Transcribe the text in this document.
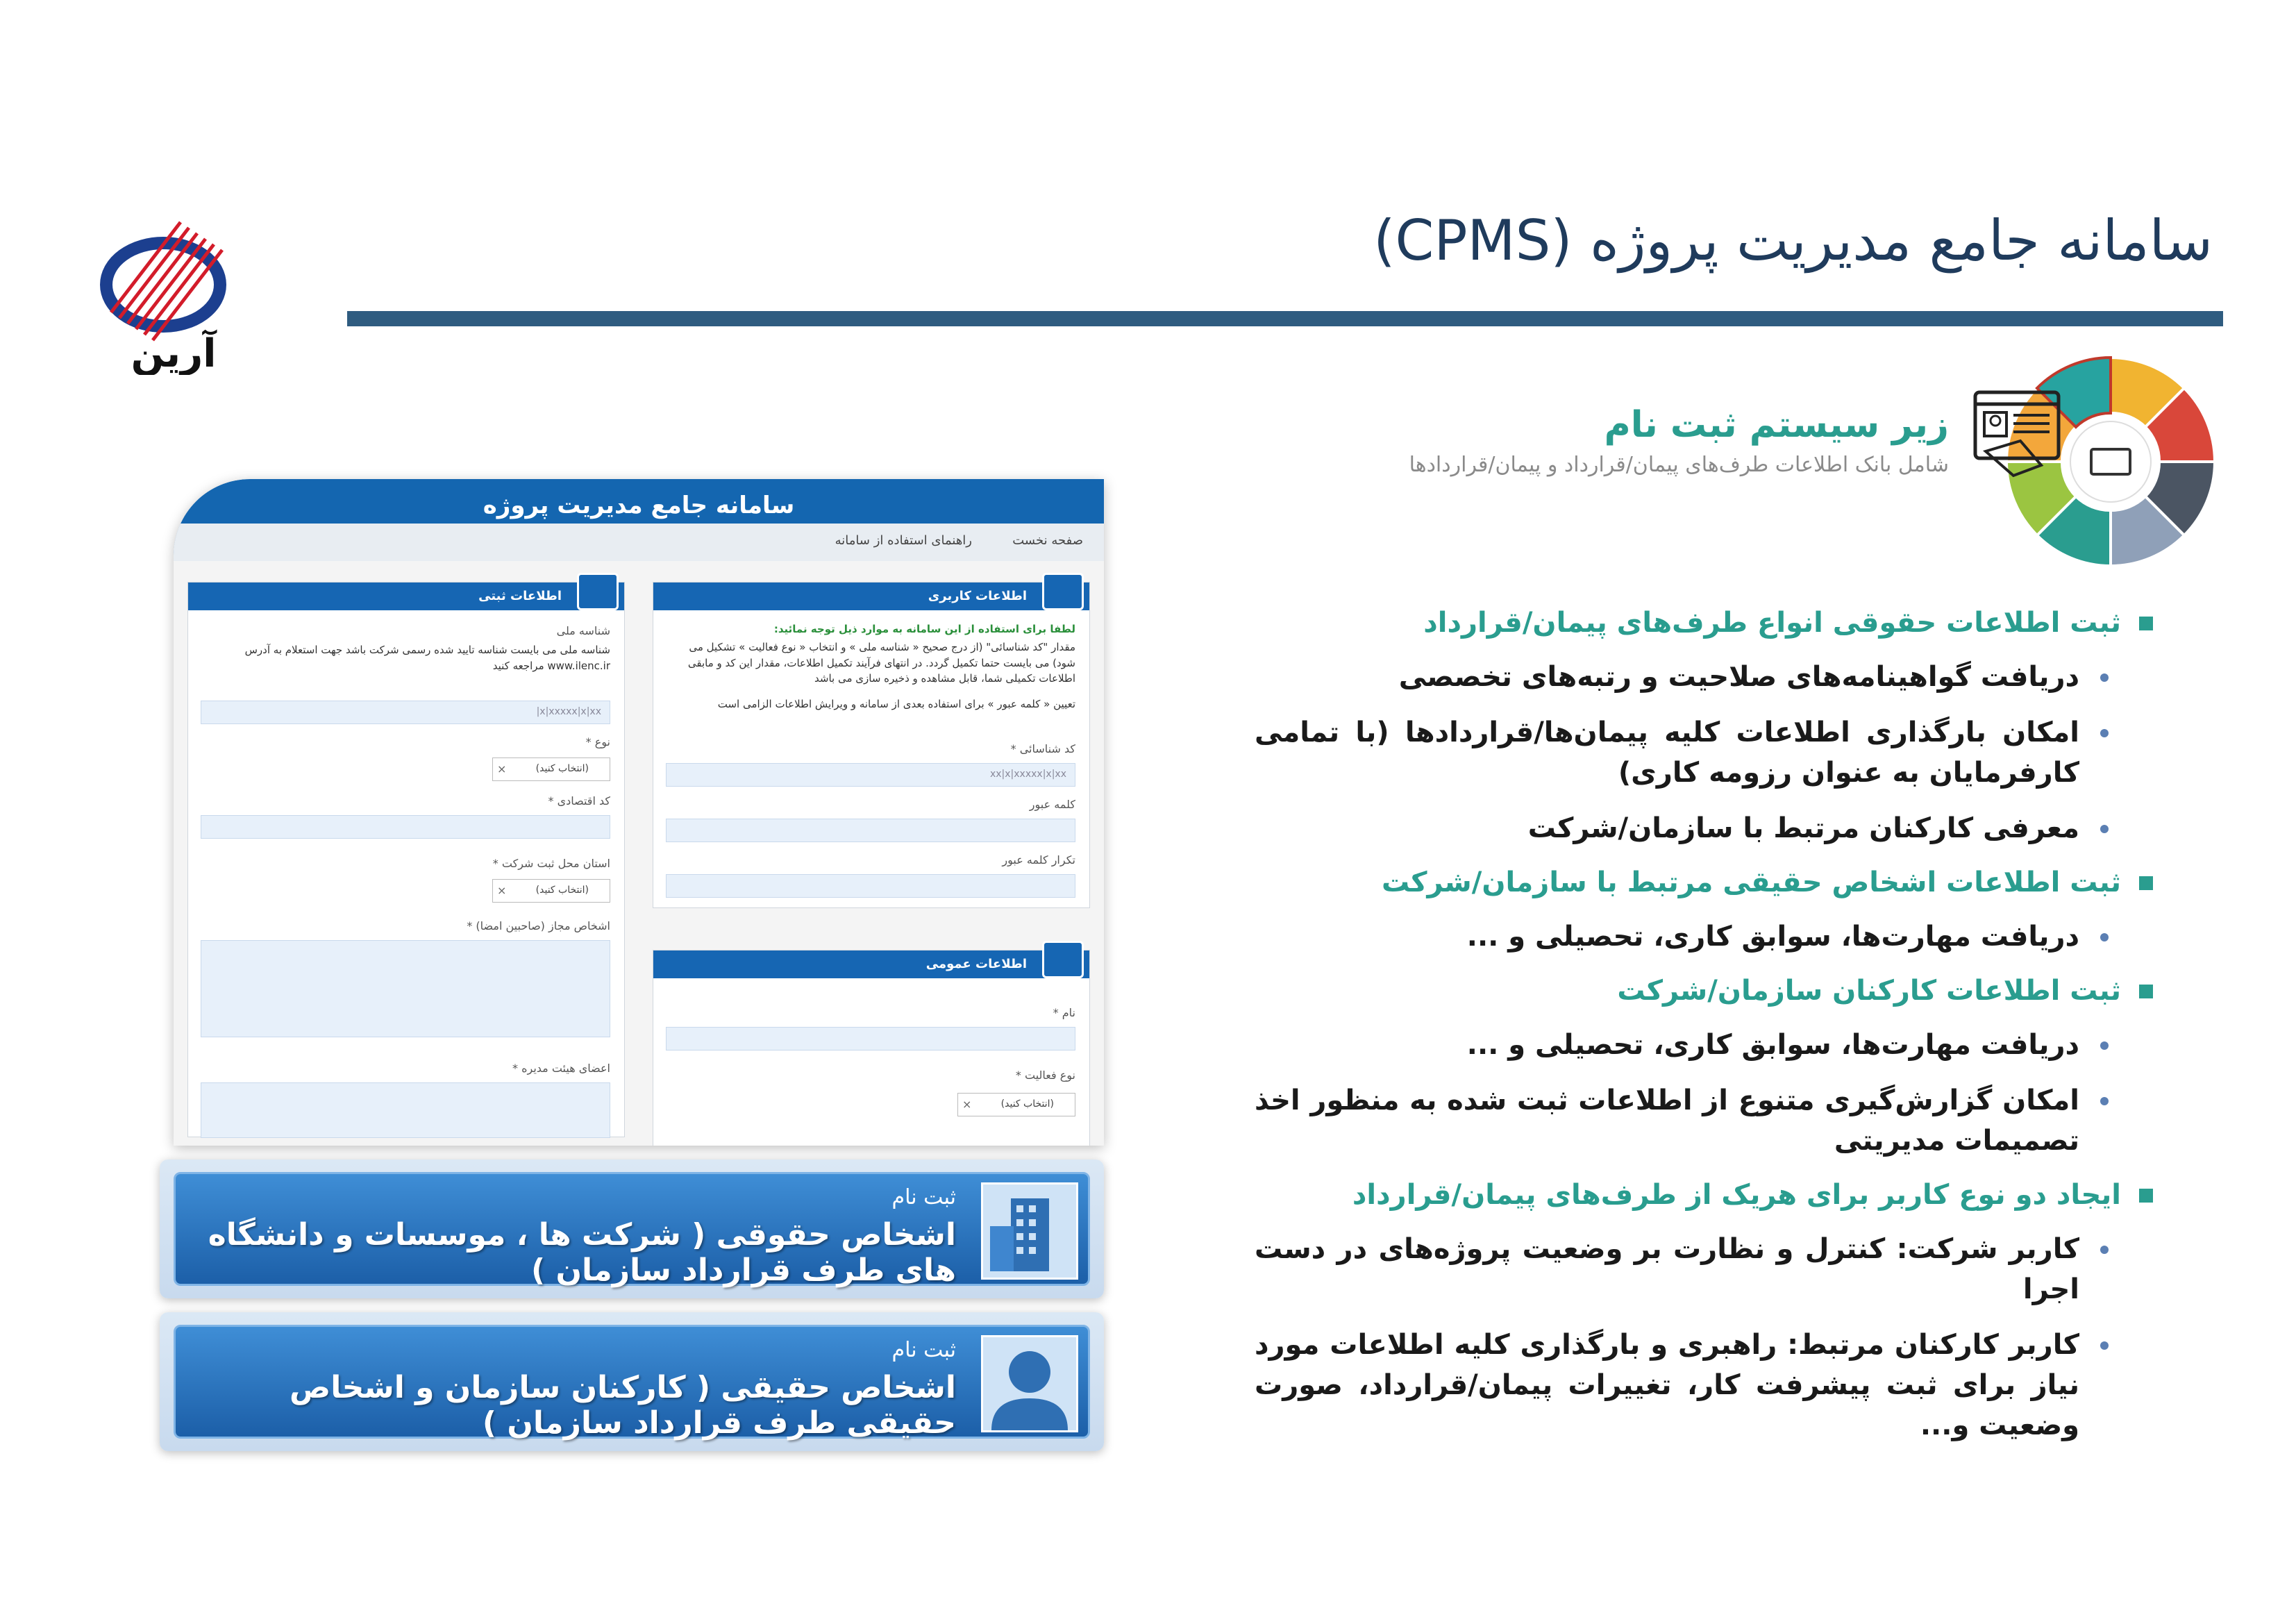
آرین
سامانه جامع مدیریت پروژه (CPMS)
زیر سیستم ثبت نام
شامل بانک اطلاعات طرف‌های پیمان/قرارداد و پیمان/قراردادها
ثبت اطلاعات حقوقی انواع طرف‌های پیمان/قرارداد
دریافت گواهینامه‌های صلاحیت و رتبه‌های تخصصی
امکان بارگذاری اطلاعات کلیه پیمان‌ها/قراردادها (با تمامی کارفرمایان به عنوان رزومه کاری)
معرفی کارکنان مرتبط با سازمان/شرکت
ثبت اطلاعات اشخاص حقیقی مرتبط با سازمان/شرکت
دریافت مهارت‌ها، سوابق کاری، تحصیلی و ...
ثبت اطلاعات کارکنان سازمان/شرکت
دریافت مهارت‌ها، سوابق کاری، تحصیلی و ...
امکان گزارش‌گیری متنوع از اطلاعات ثبت شده به منظور اخذ تصمیمات مدیریتی
ایجاد دو نوع کاربر برای هریک از طرف‌های پیمان/قرارداد
کاربر شرکت: کنترل و نظارت بر وضعیت پروژه‌های در دست اجرا
کاربر کارکنان مرتبط: راهبری و بارگذاری کلیه اطلاعات مورد نیاز برای ثبت پیشرفت کار، تغییرات پیمان/قرارداد، صورت وضعیت و...
سامانه جامع مدیریت پروژه
صفحه نخست
راهنمای استفاده از سامانه
اطلاعات کاربری
لطفا برای استفاده از این سامانه به موارد ذیل توجه نمائید:
مقدار "کد شناسائی" (از درج صحیح « شناسه ملی » و انتخاب « نوع فعالیت » تشکیل می شود) می بایست حتما تکمیل گردد. در انتهای فرآیند تکمیل اطلاعات، مقدار این کد و مابقی اطلاعات تکمیلی شما، قابل مشاهده و ذخیره سازی می باشد
تعیین « کلمه عبور » برای استفاده بعدی از سامانه و ویرایش اطلاعات الزامی است
کد شناسائی *
xx|x|xxxxx|x|xx
کلمه عبور
تکرار کلمه عبور
اطلاعات عمومی
نام *
نوع فعالیت *
(انتخاب کنید)
×
اطلاعات ثبتی
شناسه ملی
شناسه ملی می بایست شناسه تایید شده رسمی شرکت باشد جهت استعلام به آدرس www.ilenc.ir مراجعه کنید
|x|xxxxx|x|xx
نوع *
(انتخاب کنید)
×
کد اقتصادی *
استان محل ثبت شرکت *
(انتخاب کنید)
×
اشخاص مجاز (صاحبین امضا) *
اعضای هیئت مدیره *
ثبت نام
اشخاص حقوقی ( شرکت ها ، موسسات و دانشگاه های طرف قرارداد سازمان )
ثبت نام
اشخاص حقیقی ( کارکنان سازمان و اشخاص حقیقی طرف قرارداد سازمان )
